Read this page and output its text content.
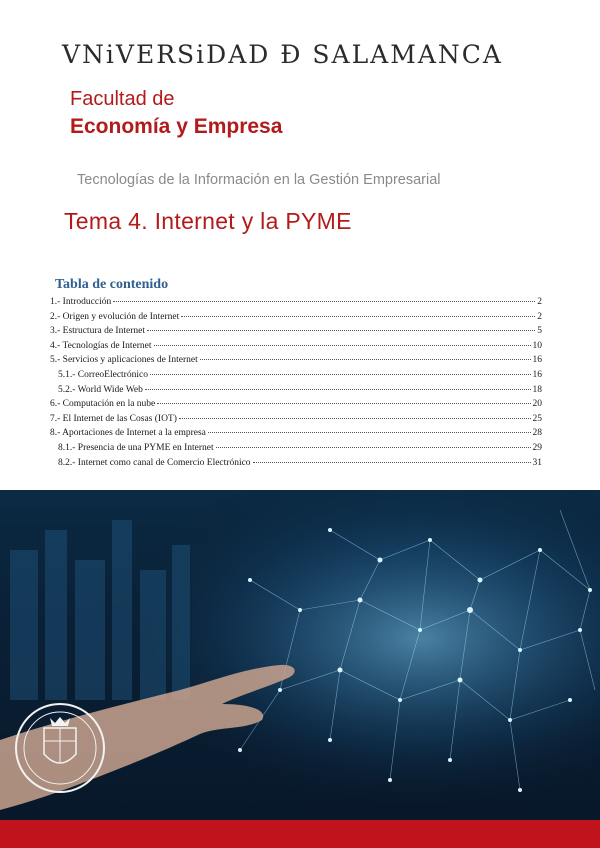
VNiVERSiDAD Ɖ SALAMANCA
Facultad de
Economía y Empresa
Tecnologías de la Información en la Gestión Empresarial
Tema 4. Internet y la PYME
Tabla de contenido
1.- Introducción	2
2.- Origen y evolución de Internet	2
3.- Estructura de Internet	5
4.- Tecnologías de Internet	10
5.- Servicios y aplicaciones de Internet	16
5.1.- CorreoElectrónico	16
5.2.- World Wide Web	18
6.- Computación en la nube	20
7.- El Internet de las Cosas (IOT)	25
8.- Aportaciones de Internet a la empresa	28
8.1.- Presencia de una PYME en Internet	29
8.2.- Internet como canal de Comercio Electrónico	31
